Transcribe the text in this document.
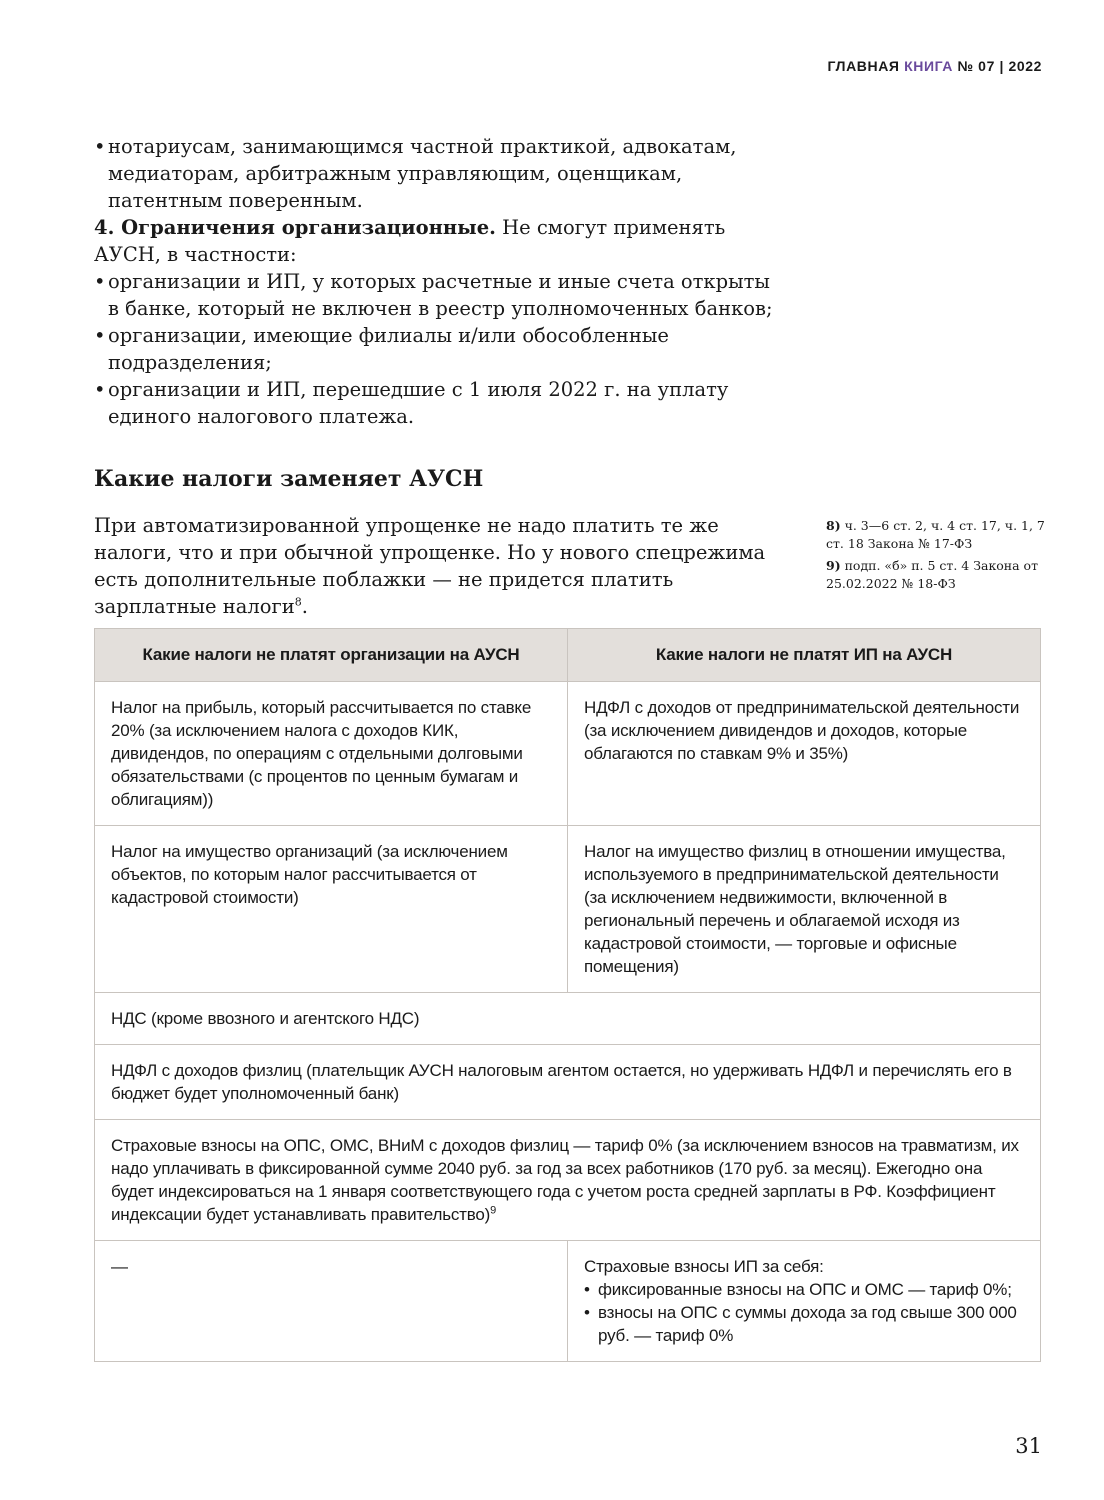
ГЛАВНАЯ КНИГА № 07 | 2022

• нотариусам, занимающимся частной практикой, адвокатам, медиаторам, арбитражным управляющим, оценщикам, патентным поверенным.

4. Ограничения организационные. Не смогут применять АУСН, в частности:

• организации и ИП, у которых расчетные и иные счета открыты в банке, который не включен в реестр уполномоченных банков;

• организации, имеющие филиалы и/или обособленные подразделения;

• организации и ИП, перешедшие с 1 июля 2022 г. на уплату единого налогового платежа.

Какие налоги заменяет АУСН

При автоматизированной упрощенке не надо платить те же налоги, что и при обычной упрощенке. Но у нового спецрежима есть дополнительные поблажки — не придется платить зарплатные налоги$^8$.

8) ч. 3—6 ст. 2, ч. 4 ст. 17, ч. 1, 7 ст. 18 Закона № 17-ФЗ

9) подп. «б» п. 5 ст. 4 Закона от 25.02.2022 № 18-ФЗ

Какие налоги не платят организации на АУСН	Какие налоги не платят ИП на АУСН
Налог на прибыль, который рассчитывается по ставке 20% (за исключением налога с доходов КИК, дивидендов, по операциям с отдельными долговыми обязательствами (с процентов по ценным бумагам и облигациям))	НДФЛ с доходов от предпринимательской деятельности (за исключением дивидендов и доходов, которые облагаются по ставкам 9% и 35%)
Налог на имущество организаций (за исключением объектов, по которым налог рассчитывается от кадастровой стоимости)	Налог на имущество физлиц в отношении имущества, используемого в предпринимательской деятельности (за исключением недвижимости, включенной в региональный перечень и облагаемой исходя из кадастровой стоимости, — торговые и офисные помещения)
НДС (кроме ввозного и агентского НДС)	
НДФЛ с доходов физлиц (плательщик АУСН налоговым агентом остается, но удерживать НДФЛ и перечислять его в бюджет будет уполномоченный банк)	
Страховые взносы на ОПС, ОМС, ВНиМ с доходов физлиц — тариф 0% (за исключением взносов на травматизм, их надо уплачивать в фиксированной сумме 2040 руб. за год за всех работников (170 руб. за месяц). Ежегодно она будет индексироваться на 1 января соответствующего года с учетом роста средней зарплаты в РФ. Коэффициент индексации будет устанавливать правительство)$^9$
—	Страховые взносы ИП за себя:
• фиксированные взносы на ОПС и ОМС — тариф 0%;
• взносы на ОПС с суммы дохода за год свыше 300 000 руб. — тариф 0%
31
